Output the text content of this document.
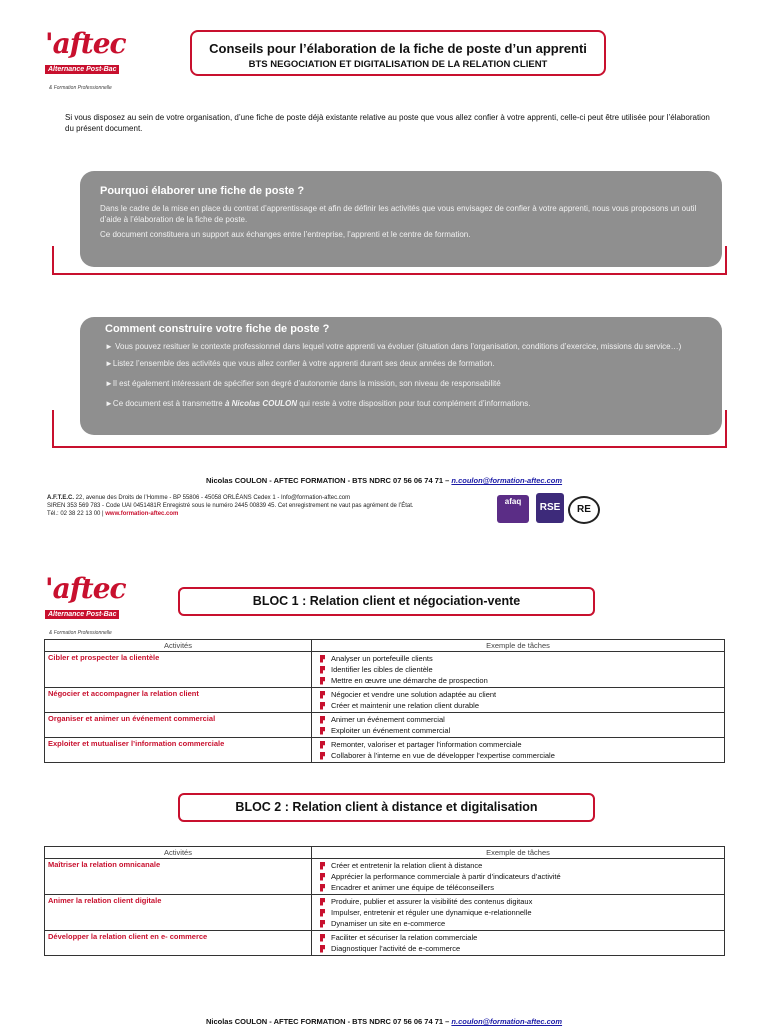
'aftec
Alternance Post-Bac
& Formation Professionnelle
Conseils pour l’élaboration de la fiche de poste d’un apprenti
BTS NEGOCIATION ET DIGITALISATION DE LA RELATION CLIENT
Si vous disposez au sein de votre organisation, d’une fiche de poste déjà existante relative au poste que vous allez confier à votre apprenti, celle-ci peut être utilisée pour l’élaboration du présent document.
Pourquoi élaborer une fiche de poste ?
Dans le cadre de la mise en place du contrat d’apprentissage et afin de définir les activités que vous envisagez de confier à votre apprenti, nous vous proposons un outil d’aide à l’élaboration de la fiche de poste.
Ce document constituera un support aux échanges entre l’entreprise, l’apprenti et le centre de formation.
Comment construire votre fiche de poste ?
► Vous pouvez resituer le contexte professionnel dans lequel votre apprenti va évoluer (situation dans l’organisation, conditions d’exercice, missions du service…)
►Listez l’ensemble des activités que vous allez confier à votre apprenti durant ses deux années de formation.
►Il est également intéressant de spécifier son degré d’autonomie dans la mission, son niveau de responsabilité
►Ce document est à transmettre à Nicolas COULON qui reste à votre disposition pour tout complément d’informations.
Nicolas COULON - AFTEC FORMATION - BTS NDRC 07 56 06 74 71 – n.coulon@formation-aftec.com
A.F.T.E.C. 22, avenue des Droits de l’Homme - BP 55806 - 45058 ORLÉANS Cedex 1 - Info@formation-aftec.com
SIREN 353 569 783 - Code UAI 0451481R Enregistré sous le numéro 2445 00839 45. Cet enregistrement ne vaut pas agrément de l’État.
Tél.: 02 38 22 13 00 | www.formation-aftec.com
afaq
RSE	RE
'aftec
Alternance Post-Bac
& Formation Professionnelle
BLOC 1 : Relation client et négociation-vente
Activités	Exemple de tâches
Cibler et prospecter la clientèle	Analyser un portefeuille clients
Identifier les cibles de clientèle
Mettre en œuvre une démarche de prospection

Négocier et accompagner la relation client	Négocier et vendre une solution adaptée au client
Créer et maintenir une relation client durable

Organiser et animer un événement commercial	Animer un événement commercial
Exploiter un événement commercial

Exploiter et mutualiser l’information commerciale	Remonter, valoriser et partager l’information commerciale
Collaborer à l’interne en vue de développer l’expertise commerciale
BLOC 2 : Relation client à distance et digitalisation
Activités	Exemple de tâches
Maîtriser la relation omnicanale	Créer et entretenir la relation client à distance
Apprécier la performance commerciale à partir d’indicateurs d’activité
Encadrer et animer une équipe de téléconseillers

Animer la relation client digitale	Produire, publier et assurer la visibilité des contenus digitaux
Impulser, entretenir et réguler une dynamique e-relationnelle
Dynamiser un site en e-commerce

Développer la relation client en e- commerce	Faciliter et sécuriser la relation commerciale
Diagnostiquer l’activité de e-commerce
Nicolas COULON - AFTEC FORMATION - BTS NDRC 07 56 06 74 71 – n.coulon@formation-aftec.com
